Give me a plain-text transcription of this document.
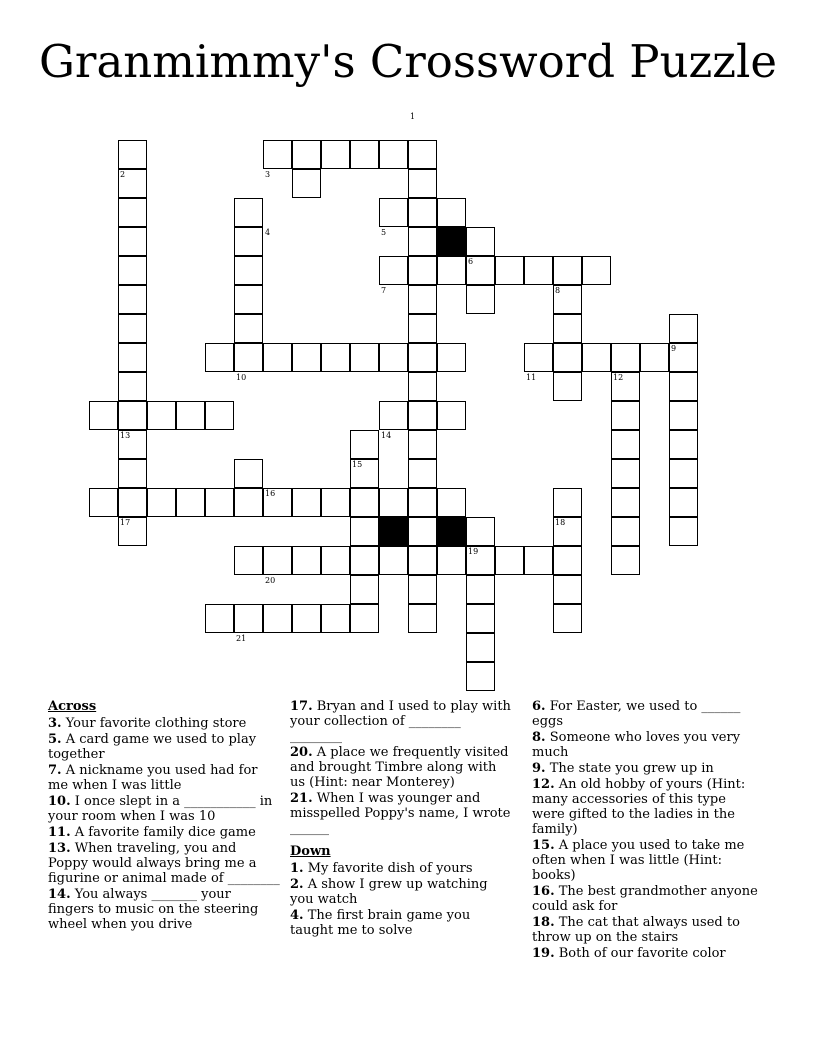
Granmimmy's Crossword Puzzle
1
2	3
4	5
6
7	8
9
10	11	12
13	14
15
16
17	18
19
20
21
Across
3. Your favorite clothing store
5. A card game we used to play together
7. A nickname you used had for me when I was little
10. I once slept in a ___________ in your room when I was 10
11. A favorite family dice game
13. When traveling, you and Poppy would always bring me a figurine or animal made of ________
14. You always _______ your fingers to music on the steering wheel when you drive
17. Bryan and I used to play with your collection of ________ ________
20. A place we frequently visited and brought Timbre along with us (Hint: near Monterey)
21. When I was younger and misspelled Poppy's name, I wrote ______
Down
1. My favorite dish of yours
2. A show I grew up watching you watch
4. The first brain game you taught me to solve
6. For Easter, we used to ______ eggs
8. Someone who loves you very much
9. The state you grew up in
12. An old hobby of yours (Hint: many accessories of this type were gifted to the ladies in the family)
15. A place you used to take me often when I was little (Hint: books)
16. The best grandmother anyone could ask for
18. The cat that always used to throw up on the stairs
19. Both of our favorite color
